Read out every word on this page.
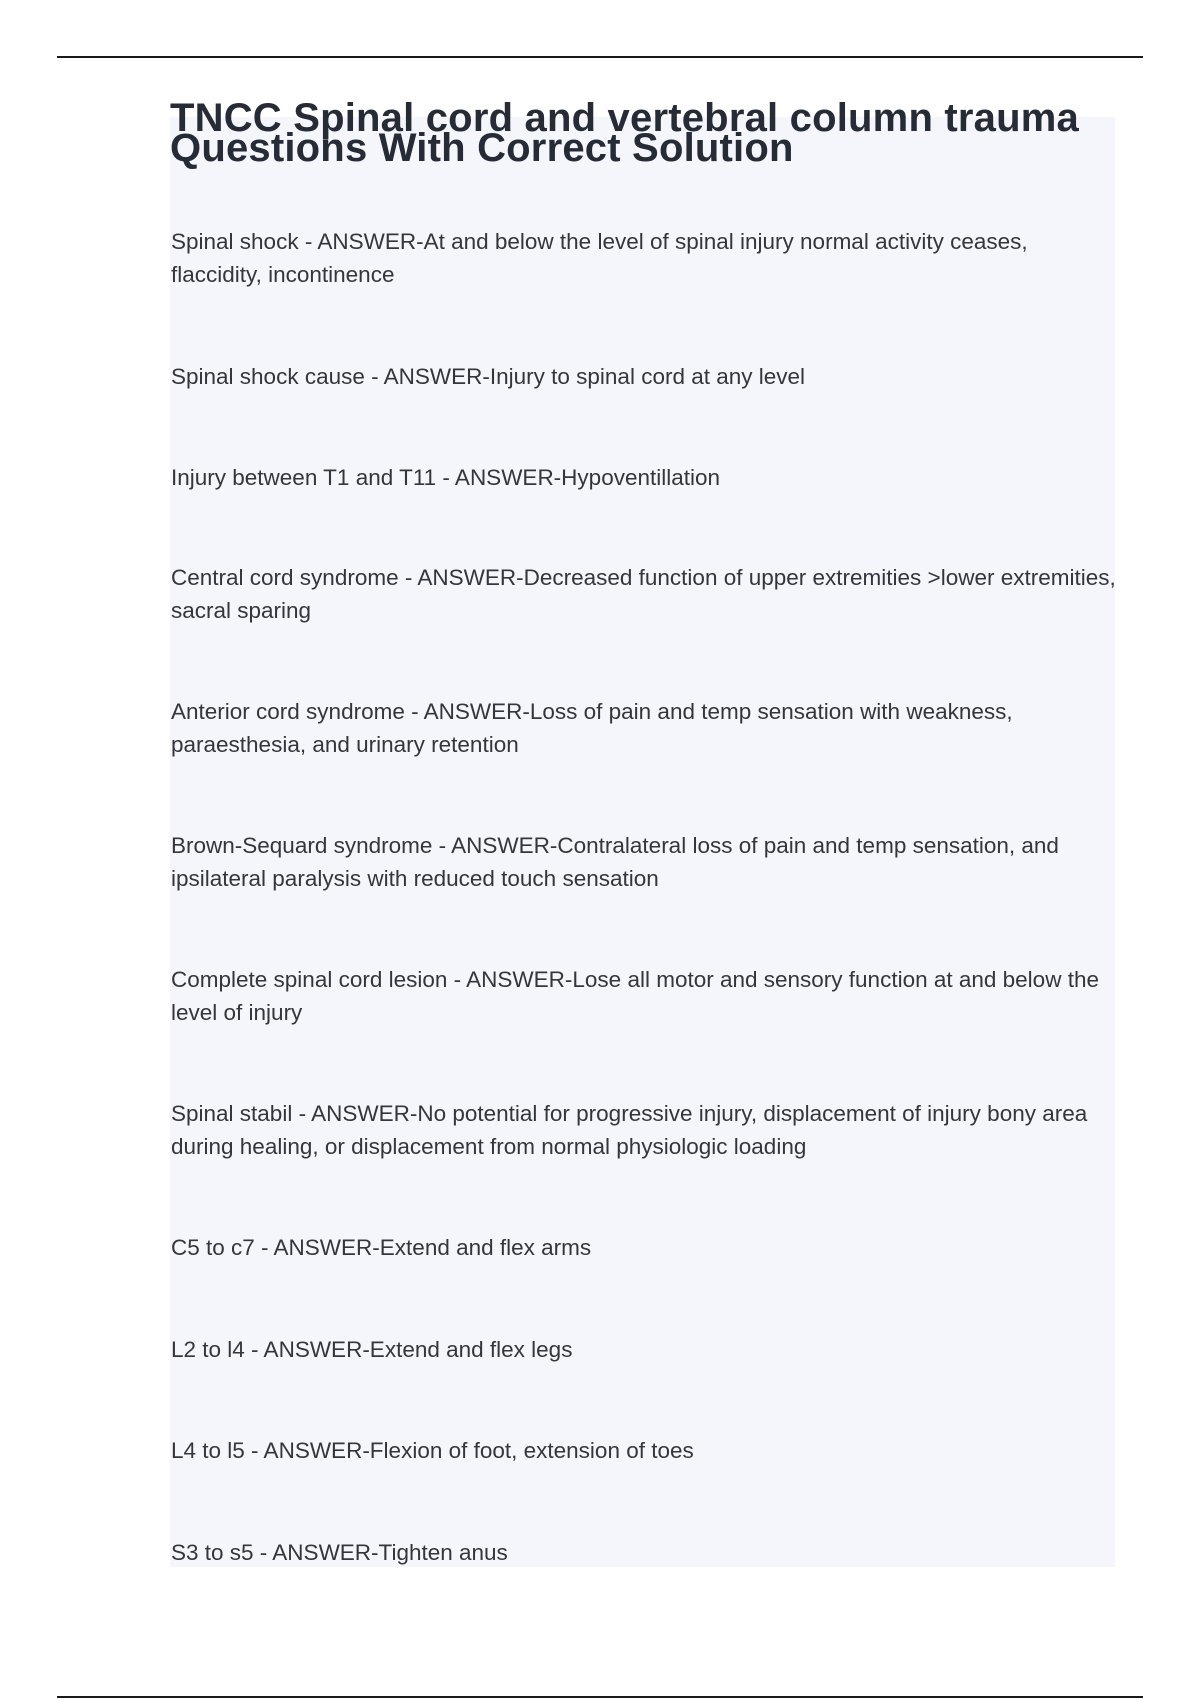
TNCC Spinal cord and vertebral column trauma Questions With Correct Solution
Spinal shock - ANSWER-At and below the level of spinal injury normal activity ceases, flaccidity, incontinence
Spinal shock cause - ANSWER-Injury to spinal cord at any level
Injury between T1 and T11 - ANSWER-Hypoventillation
Central cord syndrome - ANSWER-Decreased function of upper extremities >lower extremities, sacral sparing
Anterior cord syndrome - ANSWER-Loss of pain and temp sensation with weakness, paraesthesia, and urinary retention
Brown-Sequard syndrome - ANSWER-Contralateral loss of pain and temp sensation, and ipsilateral paralysis with reduced touch sensation
Complete spinal cord lesion - ANSWER-Lose all motor and sensory function at and below the level of injury
Spinal stabil - ANSWER-No potential for progressive injury, displacement of injury bony area during healing, or displacement from normal physiologic loading
C5 to c7 - ANSWER-Extend and flex arms
L2 to l4 - ANSWER-Extend and flex legs
L4 to l5 - ANSWER-Flexion of foot, extension of toes
S3 to s5 - ANSWER-Tighten anus
